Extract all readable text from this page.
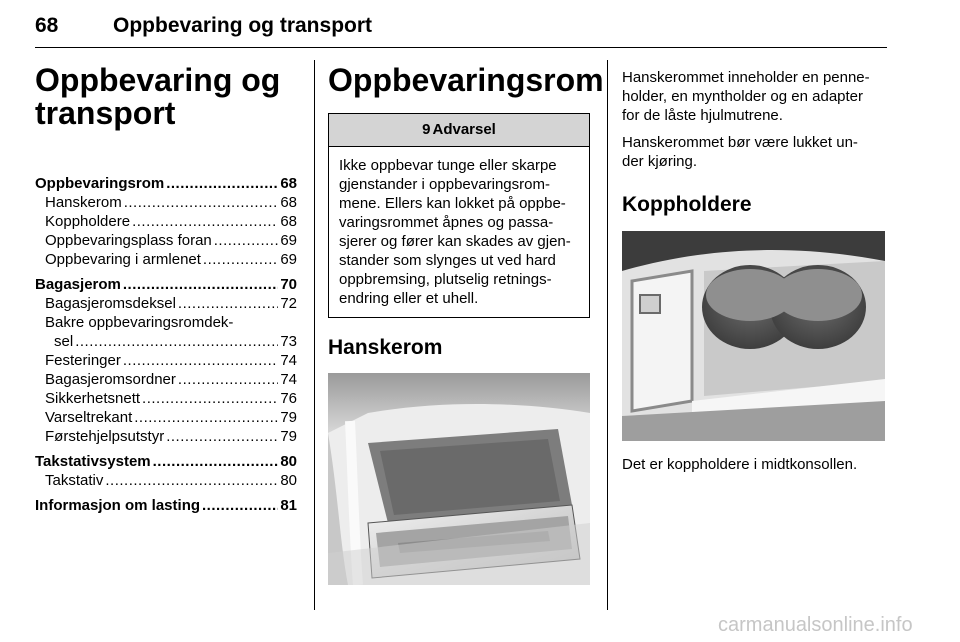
68	Oppbevaring og transport
Oppbevaring og
transport
Oppbevaringsrom .....	68
Hanskerom .....	68
Koppholdere .....	68
Oppbevaringsplass foran .....	69
Oppbevaring i armlenet .....	69
Bagasjerom .....	70
Bagasjeromsdeksel .....	72
Bakre oppbevaringsromdek-
sel .....	73
Festeringer .....	74
Bagasjeromsordner .....	74
Sikkerhetsnett .....	76
Varseltrekant .....	79
Førstehjelpsutstyr .....	79
Takstativsystem .....	80
Takstativ .....	80
Informasjon om lasting .....	81
Oppbevaringsrom
9 Advarsel
Ikke oppbevar tunge eller skarpe
gjenstander i oppbevaringsrom-
mene. Ellers kan lokket på oppbe-
varingsrommet åpnes og passa-
sjerer og fører kan skades av gjen-
stander som slynges ut ved hard
oppbremsing, plutselig retnings-
endring eller et uhell.
Hanskerom
Hanskerommet inneholder en penne-
holder, en myntholder og en adapter
for de låste hjulmutrene.
Hanskerommet bør være lukket un-
der kjøring.
Koppholdere
Det er koppholdere i midtkonsollen.
carmanualsonline.info
